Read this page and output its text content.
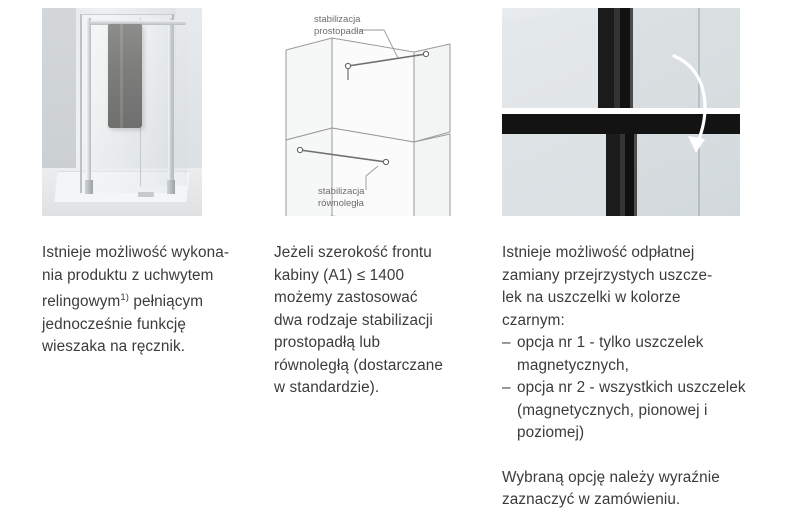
Istnieje możliwość wykona-

nia produktu z uchwytem

relingowym$^{1)}$ pełniącym

jednocześnie funkcję

wieszaka na ręcznik.

stabilizacja
prostopadła
stabilizacja
równoległa

Jeżeli szerokość frontu

kabiny (A1) ≤ 1400

możemy zastosować

dwa rodzaje stabilizacji

prostopadłą lub

równoległą (dostarczane

w standardzie).

Istnieje możliwość odpłatnej

zamiany przejrzystych uszcze-

lek na uszczelki w kolorze

czarnym:

– opcja nr 1 - tylko uszczelek magnetycznych,
– opcja nr 2 - wszystkich uszczelek (magnetycznych, pionowej i poziomej)

Wybraną opcję należy wyraźnie

zaznaczyć w zamówieniu.
